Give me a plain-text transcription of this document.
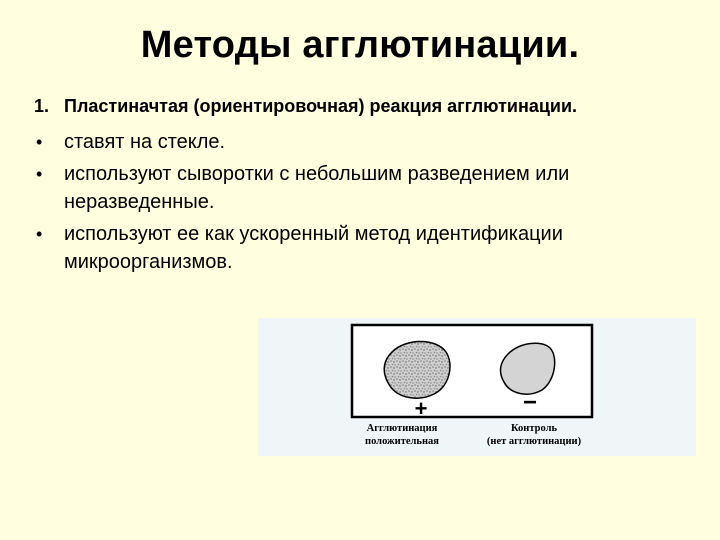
Методы агглютинации.
1. Пластиначтая (ориентировочная) реакция агглютинации.
•	ставят на стекле.
•	используют сыворотки с небольшим разведением или неразведенные.
•	используют ее как ускоренный метод идентификации микроорганизмов.
+	−
Агглютинация
положительная
Контроль
(нет агглютинации)
